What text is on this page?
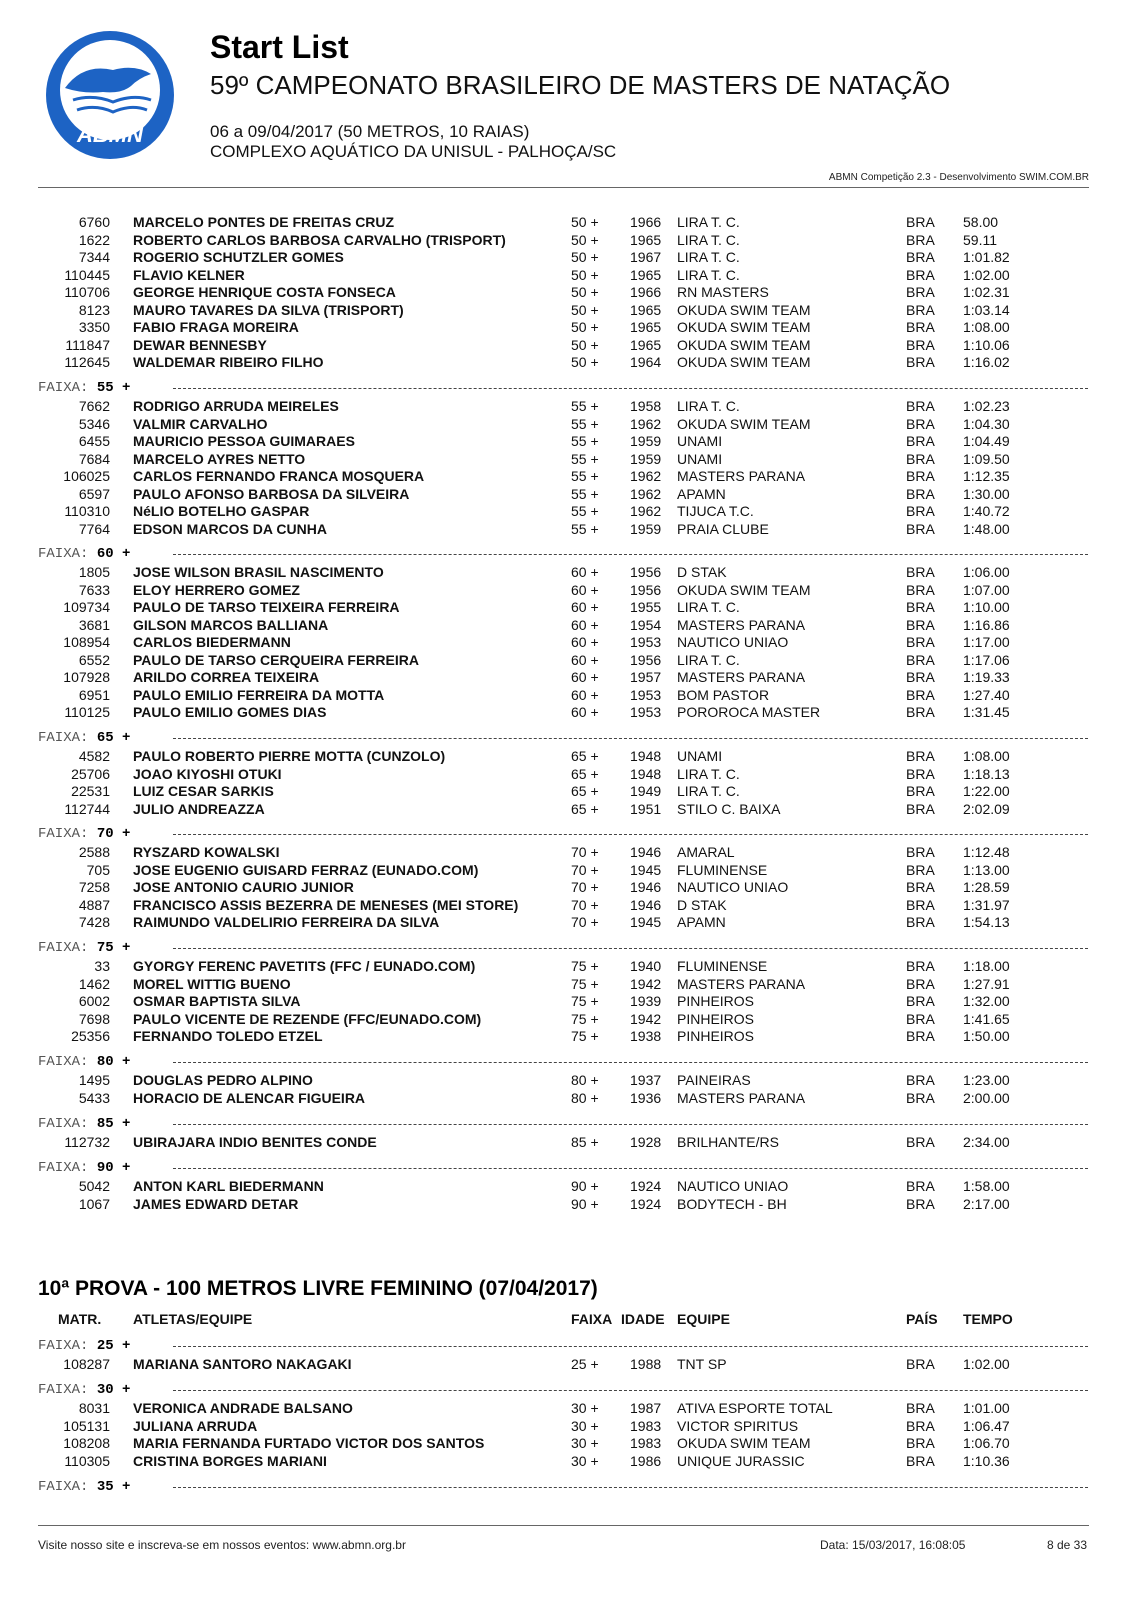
ABMN
Start List
59º CAMPEONATO BRASILEIRO DE MASTERS DE NATAÇÃO
06 a 09/04/2017 (50 METROS, 10 RAIAS)
COMPLEXO AQUÁTICO DA UNISUL - PALHOÇA/SC
ABMN Competição 2.3 - Desenvolvimento SWIM.COM.BR
6760 MARCELO PONTES DE FREITAS CRUZ	50 + 1966 LIRA T. C.	BRA 58.00
1622 ROBERTO CARLOS BARBOSA CARVALHO (TRISPORT)	50 + 1965 LIRA T. C.	BRA 59.11
7344 ROGERIO SCHUTZLER GOMES	50 + 1967 LIRA T. C.	BRA 1:01.82
110445 FLAVIO KELNER	50 + 1965 LIRA T. C.	BRA 1:02.00
110706 GEORGE HENRIQUE COSTA FONSECA	50 + 1966 RN MASTERS	BRA 1:02.31
8123 MAURO TAVARES DA SILVA (TRISPORT)	50 + 1965 OKUDA SWIM TEAM	BRA 1:03.14
3350 FABIO FRAGA MOREIRA	50 + 1965 OKUDA SWIM TEAM	BRA 1:08.00
111847 DEWAR BENNESBY	50 + 1965 OKUDA SWIM TEAM	BRA 1:10.06
112645 WALDEMAR RIBEIRO FILHO	50 + 1964 OKUDA SWIM TEAM	BRA 1:16.02
FAIXA: 55 +
7662 RODRIGO ARRUDA MEIRELES	55 + 1958 LIRA T. C.	BRA 1:02.23
5346 VALMIR CARVALHO	55 + 1962 OKUDA SWIM TEAM	BRA 1:04.30
6455 MAURICIO PESSOA GUIMARAES	55 + 1959 UNAMI	BRA 1:04.49
7684 MARCELO AYRES NETTO	55 + 1959 UNAMI	BRA 1:09.50
106025 CARLOS FERNANDO FRANCA MOSQUERA	55 + 1962 MASTERS PARANA	BRA 1:12.35
6597 PAULO AFONSO BARBOSA DA SILVEIRA	55 + 1962 APAMN	BRA 1:30.00
110310 NéLIO BOTELHO GASPAR	55 + 1962 TIJUCA T.C.	BRA 1:40.72
7764 EDSON MARCOS DA CUNHA	55 + 1959 PRAIA CLUBE	BRA 1:48.00
FAIXA: 60 +
1805 JOSE WILSON BRASIL NASCIMENTO	60 + 1956 D STAK	BRA 1:06.00
7633 ELOY HERRERO GOMEZ	60 + 1956 OKUDA SWIM TEAM	BRA 1:07.00
109734 PAULO DE TARSO TEIXEIRA FERREIRA	60 + 1955 LIRA T. C.	BRA 1:10.00
3681 GILSON MARCOS BALLIANA	60 + 1954 MASTERS PARANA	BRA 1:16.86
108954 CARLOS BIEDERMANN	60 + 1953 NAUTICO UNIAO	BRA 1:17.00
6552 PAULO DE TARSO CERQUEIRA FERREIRA	60 + 1956 LIRA T. C.	BRA 1:17.06
107928 ARILDO CORREA TEIXEIRA	60 + 1957 MASTERS PARANA	BRA 1:19.33
6951 PAULO EMILIO FERREIRA DA MOTTA	60 + 1953 BOM PASTOR	BRA 1:27.40
110125 PAULO EMILIO GOMES DIAS	60 + 1953 POROROCA MASTER	BRA 1:31.45
FAIXA: 65 +
4582 PAULO ROBERTO PIERRE MOTTA (CUNZOLO)	65 + 1948 UNAMI	BRA 1:08.00
25706 JOAO KIYOSHI OTUKI	65 + 1948 LIRA T. C.	BRA 1:18.13
22531 LUIZ CESAR SARKIS	65 + 1949 LIRA T. C.	BRA 1:22.00
112744 JULIO ANDREAZZA	65 + 1951 STILO C. BAIXA	BRA 2:02.09
FAIXA: 70 +
2588 RYSZARD KOWALSKI	70 + 1946 AMARAL	BRA 1:12.48
705 JOSE EUGENIO GUISARD FERRAZ (EUNADO.COM)	70 + 1945 FLUMINENSE	BRA 1:13.00
7258 JOSE ANTONIO CAURIO JUNIOR	70 + 1946 NAUTICO UNIAO	BRA 1:28.59
4887 FRANCISCO ASSIS BEZERRA DE MENESES (MEI STORE)	70 + 1946 D STAK	BRA 1:31.97
7428 RAIMUNDO VALDELIRIO FERREIRA DA SILVA	70 + 1945 APAMN	BRA 1:54.13
FAIXA: 75 +
33 GYORGY FERENC PAVETITS (FFC / EUNADO.COM)	75 + 1940 FLUMINENSE	BRA 1:18.00
1462 MOREL WITTIG BUENO	75 + 1942 MASTERS PARANA	BRA 1:27.91
6002 OSMAR BAPTISTA SILVA	75 + 1939 PINHEIROS	BRA 1:32.00
7698 PAULO VICENTE DE REZENDE (FFC/EUNADO.COM)	75 + 1942 PINHEIROS	BRA 1:41.65
25356 FERNANDO TOLEDO ETZEL	75 + 1938 PINHEIROS	BRA 1:50.00
FAIXA: 80 +
1495 DOUGLAS PEDRO ALPINO	80 + 1937 PAINEIRAS	BRA 1:23.00
5433 HORACIO DE ALENCAR FIGUEIRA	80 + 1936 MASTERS PARANA	BRA 2:00.00
FAIXA: 85 +
112732 UBIRAJARA INDIO BENITES CONDE	85 + 1928 BRILHANTE/RS	BRA 2:34.00
FAIXA: 90 +
5042 ANTON KARL BIEDERMANN	90 + 1924 NAUTICO UNIAO	BRA 1:58.00
1067 JAMES EDWARD DETAR	90 + 1924 BODYTECH - BH	BRA 2:17.00
10ª PROVA - 100 METROS LIVRE FEMININO (07/04/2017)
MATR. ATLETAS/EQUIPE	FAIXA IDADE EQUIPE	PAÍS TEMPO
FAIXA: 25 +
108287 MARIANA SANTORO NAKAGAKI	25 + 1988 TNT SP	BRA 1:02.00
FAIXA: 30 +
8031 VERONICA ANDRADE BALSANO	30 + 1987 ATIVA ESPORTE TOTAL	BRA 1:01.00
105131 JULIANA ARRUDA	30 + 1983 VICTOR SPIRITUS	BRA 1:06.47
108208 MARIA FERNANDA FURTADO VICTOR DOS SANTOS	30 + 1983 OKUDA SWIM TEAM	BRA 1:06.70
110305 CRISTINA BORGES MARIANI	30 + 1986 UNIQUE JURASSIC	BRA 1:10.36
FAIXA: 35 +
Visite nosso site e inscreva-se em nossos eventos: www.abmn.org.br	Data: 15/03/2017, 16:08:05	8 de 33
